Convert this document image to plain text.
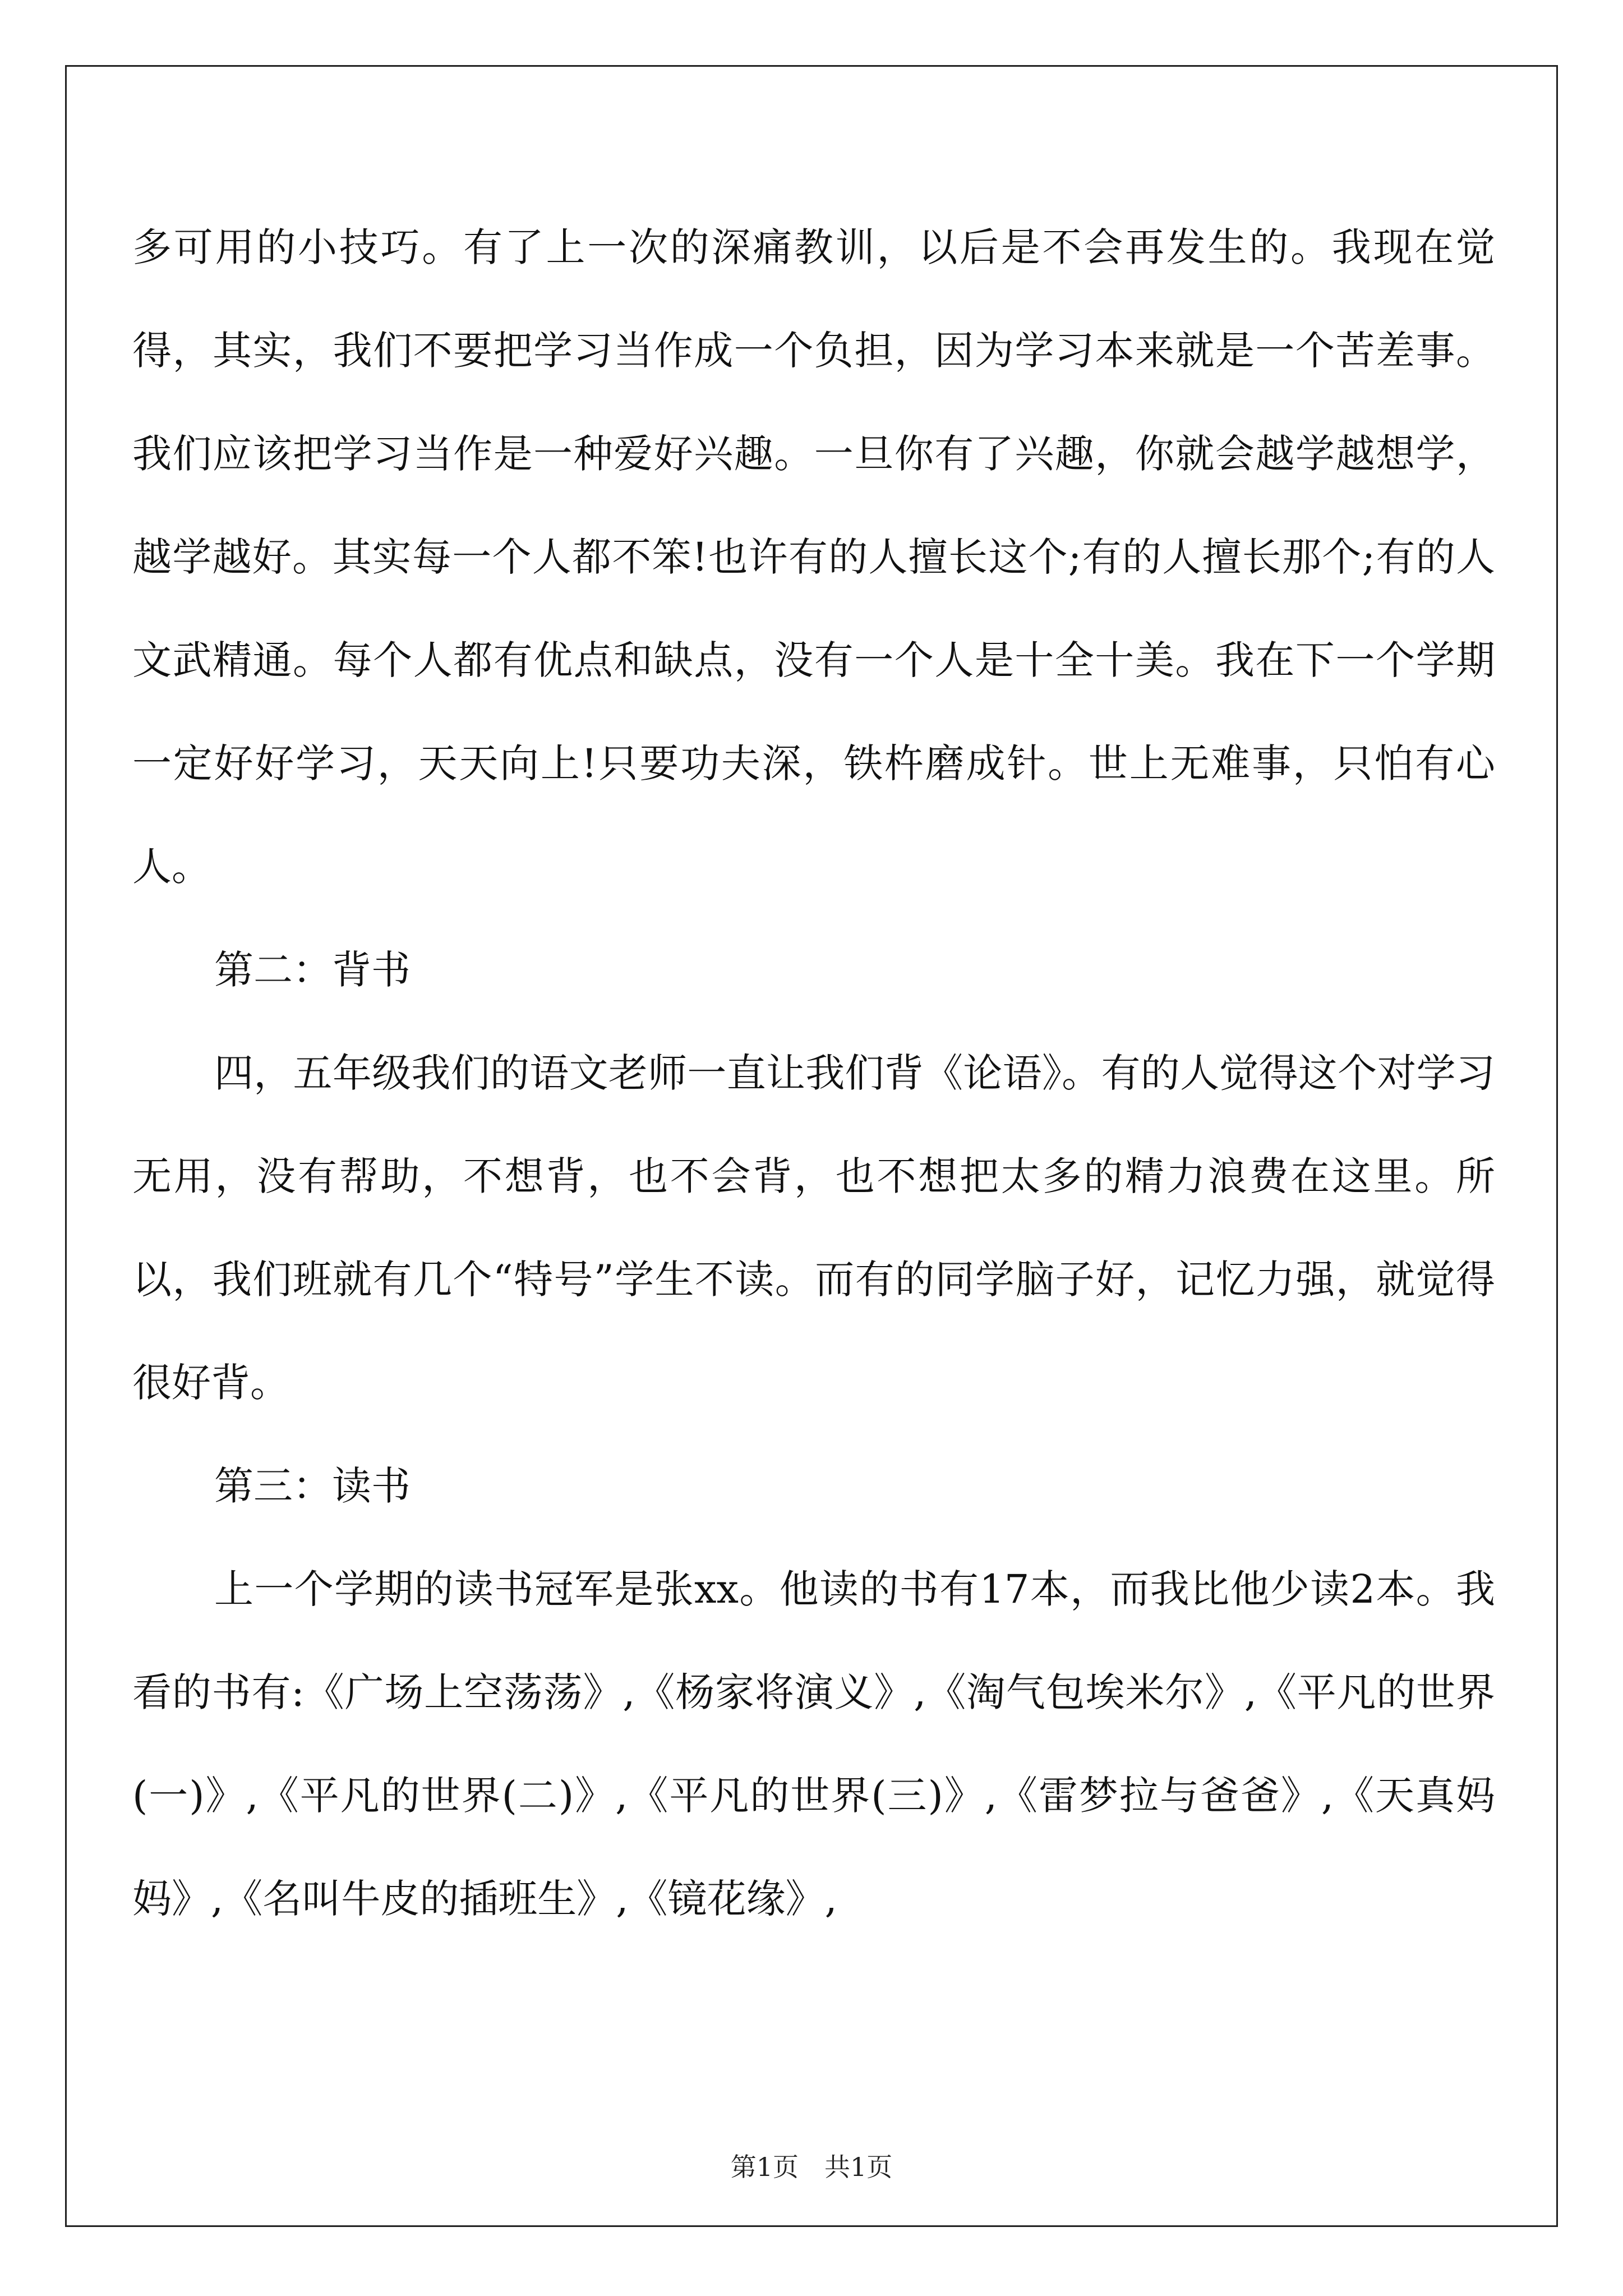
多可用的小技巧。有了上一次的深痛教训，以后是不会再发生的。我现在觉得，其实，我们不要把学习当作成一个负担，因为学习本来就是一个苦差事。我们应该把学习当作是一种爱好兴趣。一旦你有了兴趣，你就会越学越想学，越学越好。其实每一个人都不笨!也许有的人擅长这个;有的人擅长那个;有的人文武精通。每个人都有优点和缺点，没有一个人是十全十美。我在下一个学期一定好好学习，天天向上!只要功夫深，铁杵磨成针。世上无难事，只怕有心人。

第二：背书

四，五年级我们的语文老师一直让我们背《论语》。有的人觉得这个对学习无用，没有帮助，不想背，也不会背，也不想把太多的精力浪费在这里。所以，我们班就有几个“特号”学生不读。而有的同学脑子好，记忆力强，就觉得很好背。

第三：读书

上一个学期的读书冠军是张xx。他读的书有17本，而我比他少读2本。我看的书有:《广场上空荡荡》,《杨家将演义》,《淘气包埃米尔》,《平凡的世界(一)》,《平凡的世界(二)》,《平凡的世界(三)》,《雷梦拉与爸爸》,《天真妈妈》,《名叫牛皮的插班生》,《镜花缘》,

第1页　共1页
